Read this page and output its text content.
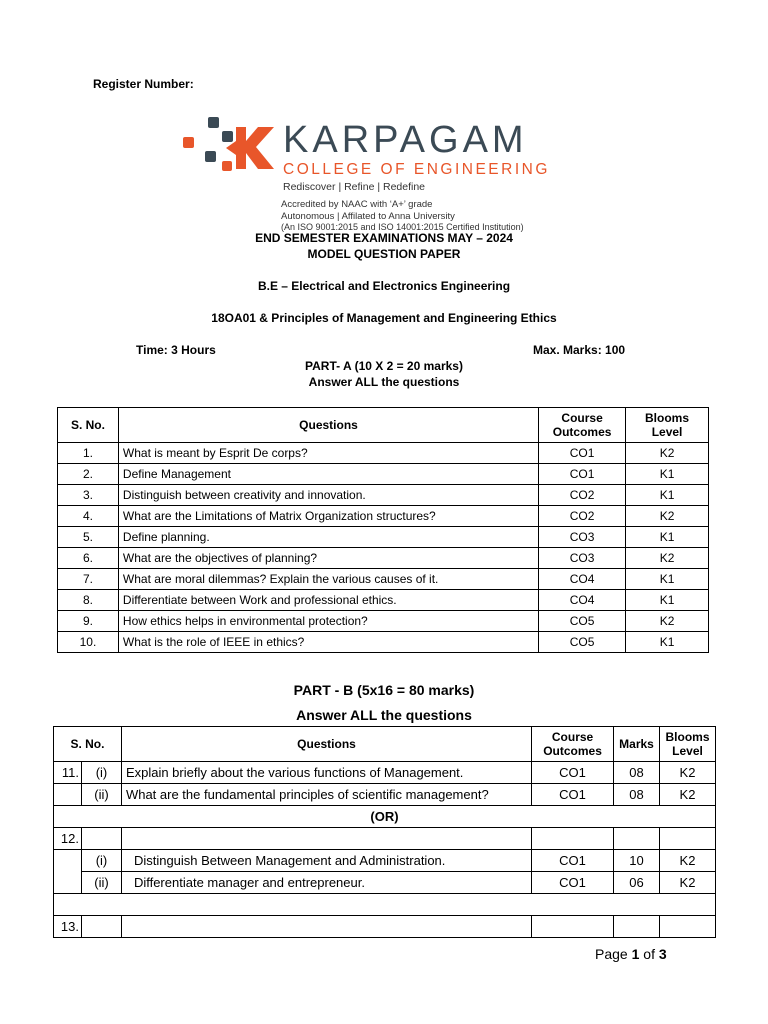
Register Number:
KARPAGAM
COLLEGE OF ENGINEERING
Rediscover | Refine | Redefine
Accredited by NAAC with ‘A+’ grade
Autonomous | Affilated to Anna University
(An ISO 9001:2015 and ISO 14001:2015 Certified Institution)
END SEMESTER EXAMINATIONS MAY – 2024
MODEL QUESTION PAPER
B.E – Electrical and Electronics Engineering
18OA01 & Principles of Management and Engineering Ethics
Time: 3 Hours	Max. Marks: 100
PART- A (10 X 2 = 20 marks)
Answer ALL the questions
S. No.	Questions	Course Outcomes	Blooms Level
1.	What is meant by Esprit De corps?	CO1	K2
2.	Define Management	CO1	K1
3.	Distinguish between creativity and innovation.	CO2	K1
4.	What are the Limitations of Matrix Organization structures?	CO2	K2
5.	Define planning.	CO3	K1
6.	What are the objectives of planning?	CO3	K2
7.	What are moral dilemmas? Explain the various causes of it.	CO4	K1
8.	Differentiate between Work and professional ethics.	CO4	K1
9.	How ethics helps in environmental protection?	CO5	K2
10.	What is the role of IEEE in ethics?	CO5	K1
PART - B (5x16 = 80 marks)
Answer ALL the questions
S. No.		Questions	Course Outcomes	Marks	Blooms Level
11.	(i)	Explain briefly about the various functions of Management.	CO1	08	K2
	(ii)	What are the fundamental principles of scientific management?	CO1	08	K2
(OR)					
12.					
	(i)	Distinguish Between Management and Administration.	CO1	10	K2
	(ii)	Differentiate manager and entrepreneur.	CO1	06	K2

13.					
Page 1 of 3
